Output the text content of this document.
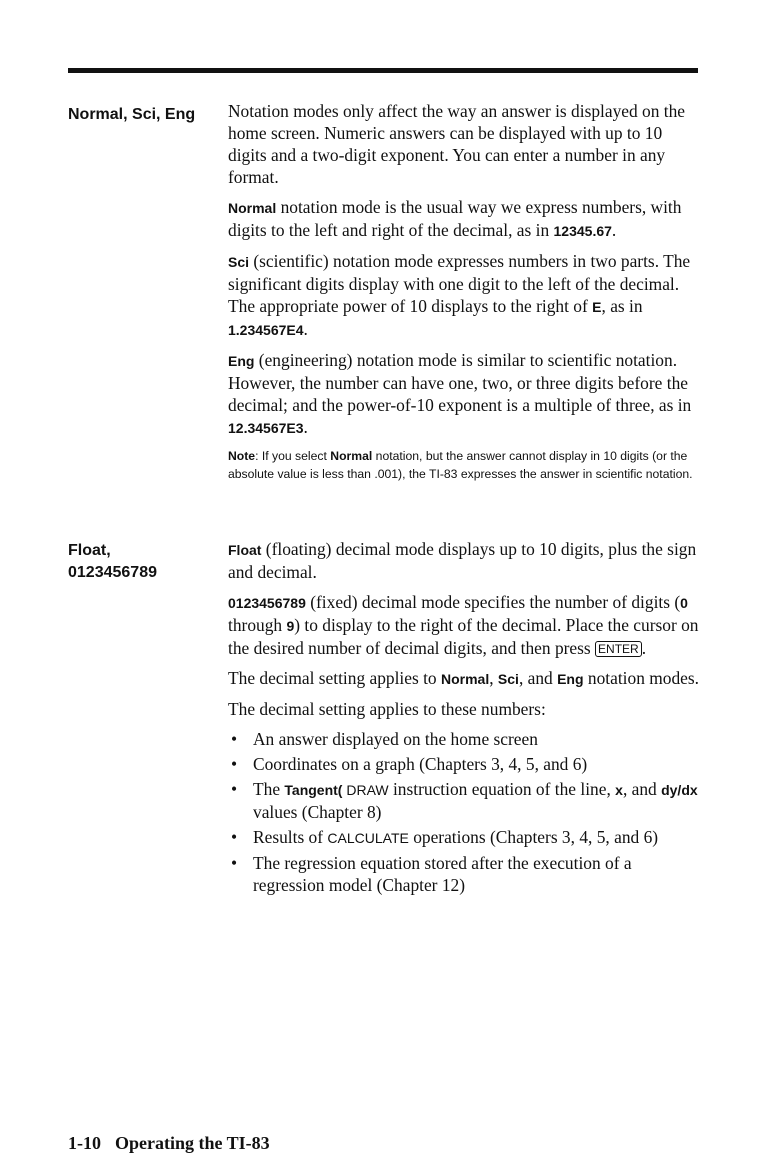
Normal, Sci, Eng Notation modes only affect the way an answer is displayed on the home screen. Numeric answers can be displayed with up to 10 digits and a two-digit exponent. You can enter a number in any format.

Normal notation mode is the usual way we express numbers, with digits to the left and right of the decimal, as in 12345.67.

Sci (scientific) notation mode expresses numbers in two parts. The significant digits display with one digit to the left of the decimal. The appropriate power of 10 displays to the right of E, as in 1.234567E4.

Eng (engineering) notation mode is similar to scientific notation. However, the number can have one, two, or three digits before the decimal; and the power-of-10 exponent is a multiple of three, as in 12.34567E3.

Note: If you select Normal notation, but the answer cannot display in 10 digits (or the absolute value is less than .001), the TI-83 expresses the answer in scientific notation.

Float,
0123456789

Float (floating) decimal mode displays up to 10 digits, plus the sign and decimal.

0123456789 (fixed) decimal mode specifies the number of digits (0 through 9) to display to the right of the decimal. Place the cursor on the desired number of decimal digits, and then press ENTER .

The decimal setting applies to Normal, Sci, and Eng notation modes.

The decimal setting applies to these numbers:

• An answer displayed on the home screen
• Coordinates on a graph (Chapters 3, 4, 5, and 6)
• The Tangent( DRAW instruction equation of the line, x, and dy/dx values (Chapter 8)
• Results of CALCULATE operations (Chapters 3, 4, 5, and 6)
• The regression equation stored after the execution of a regression model (Chapter 12)
1-10 Operating the TI-83
